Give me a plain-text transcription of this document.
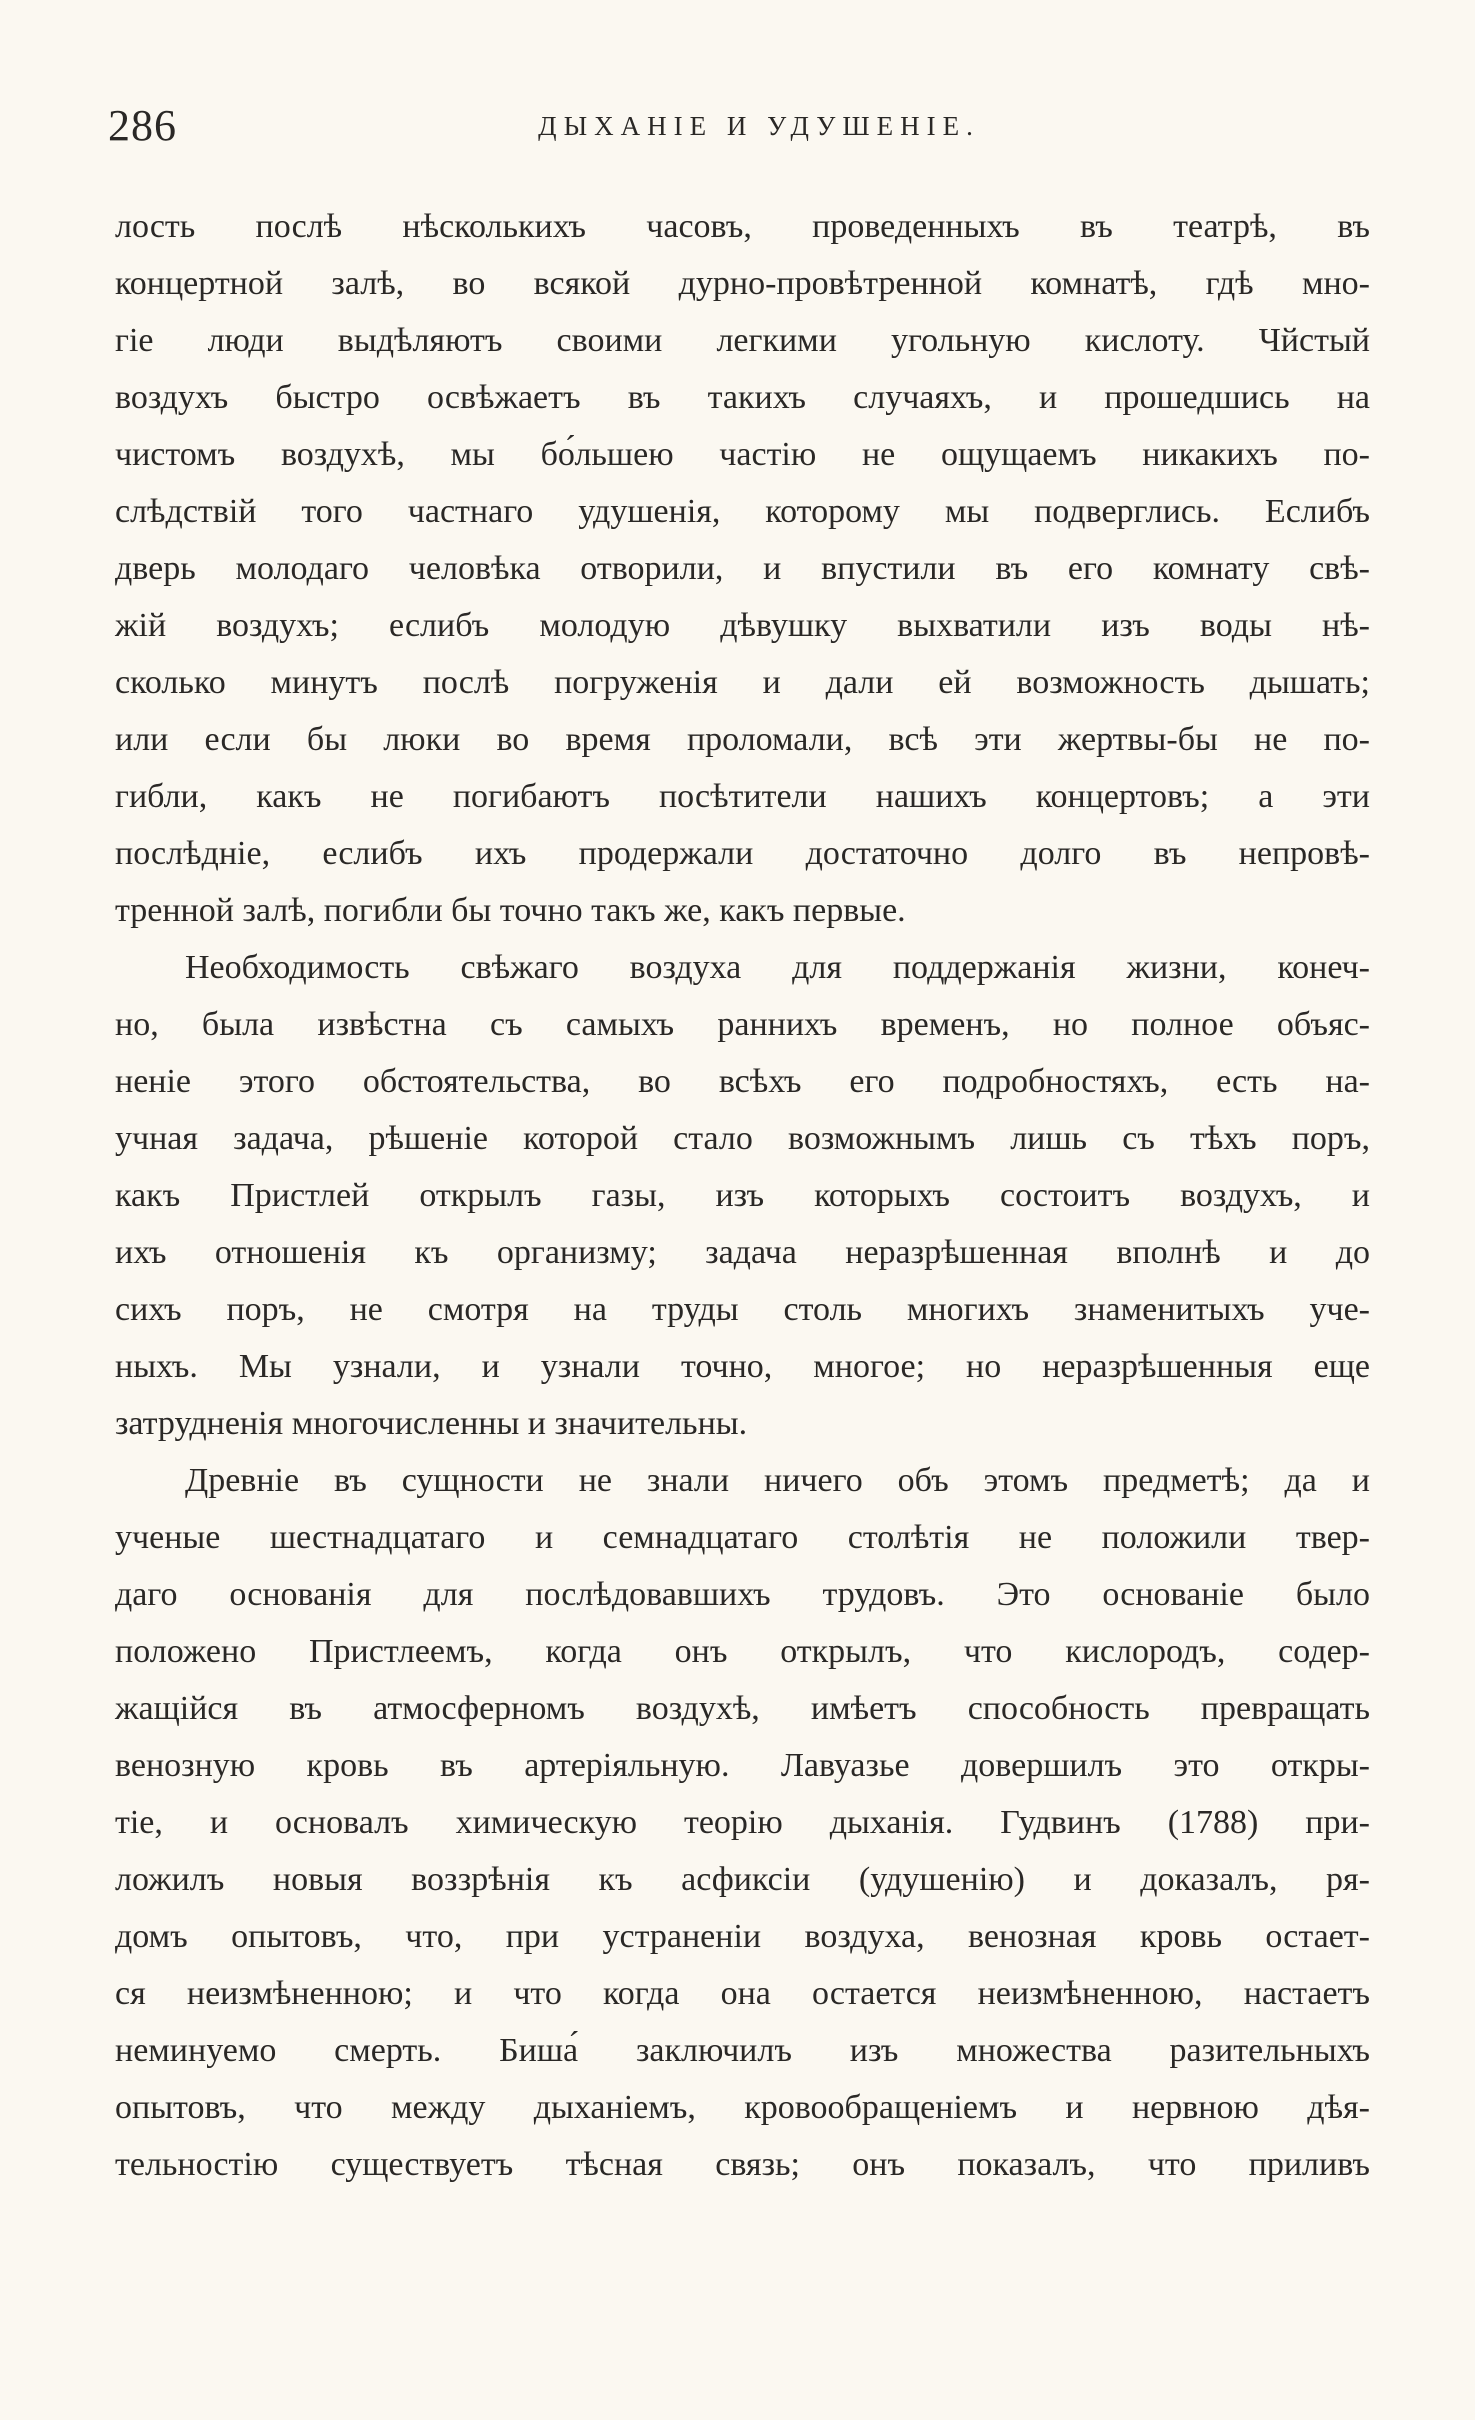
286	ДЫХАНІЕ И УДУШЕНІЕ.
лость послѣ нѣсколькихъ часовъ, проведенныхъ въ театрѣ, въ
концертной залѣ, во всякой дурно-провѣтренной комнатѣ, гдѣ мно-
гіе люди выдѣляютъ своими легкими угольную кислоту. Чйстый
воздухъ быстро освѣжаетъ въ такихъ случаяхъ, и прошедшись на
чистомъ воздухѣ, мы бо́льшею частію не ощущаемъ никакихъ по-
слѣдствій того частнаго удушенія, которому мы подверглись. Еслибъ
дверь молодаго человѣка отворили, и впустили въ его комнату свѣ-
жій воздухъ; еслибъ молодую дѣвушку выхватили изъ воды нѣ-
сколько минутъ послѣ погруженія и дали ей возможность дышать;
или если бы люки во время проломали, всѣ эти жертвы-бы не по-
гибли, какъ не погибаютъ посѣтители нашихъ концертовъ; а эти
послѣдніе, еслибъ ихъ продержали достаточно долго въ непровѣ-
тренной залѣ, погибли бы точно такъ же, какъ первые.
Необходимость свѣжаго воздуха для поддержанія жизни, конеч-
но, была извѣстна съ самыхъ раннихъ временъ, но полное объяс-
неніе этого обстоятельства, во всѣхъ его подробностяхъ, есть на-
учная задача, рѣшеніе которой стало возможнымъ лишь съ тѣхъ поръ,
какъ Пристлей открылъ газы, изъ которыхъ состоитъ воздухъ, и
ихъ отношенія къ организму; задача неразрѣшенная вполнѣ и до
сихъ поръ, не смотря на труды столь многихъ знаменитыхъ уче-
ныхъ. Мы узнали, и узнали точно, многое; но неразрѣшенныя еще
затрудненія многочисленны и значительны.
Древніе въ сущности не знали ничего объ этомъ предметѣ; да и
ученые шестнадцатаго и семнадцатаго столѣтія не положили твер-
даго основанія для послѣдовавшихъ трудовъ. Это основаніе было
положено Пристлеемъ, когда онъ открылъ, что кислородъ, содер-
жащійся въ атмосферномъ воздухѣ, имѣетъ способность превращать
венозную кровь въ артеріяльную. Лавуазье довершилъ это откры-
тіе, и основалъ химическую теорію дыханія. Гудвинъ (1788) при-
ложилъ новыя воззрѣнія къ асфиксіи (удушенію) и доказалъ, ря-
домъ опытовъ, что, при устраненіи воздуха, венозная кровь остает-
ся неизмѣненною; и что когда она остается неизмѣненною, настаетъ
неминуемо смерть. Биша́ заключилъ изъ множества разительныхъ
опытовъ, что между дыханіемъ, кровообращеніемъ и нервною дѣя-
тельностію существуетъ тѣсная связь; онъ показалъ, что приливъ
